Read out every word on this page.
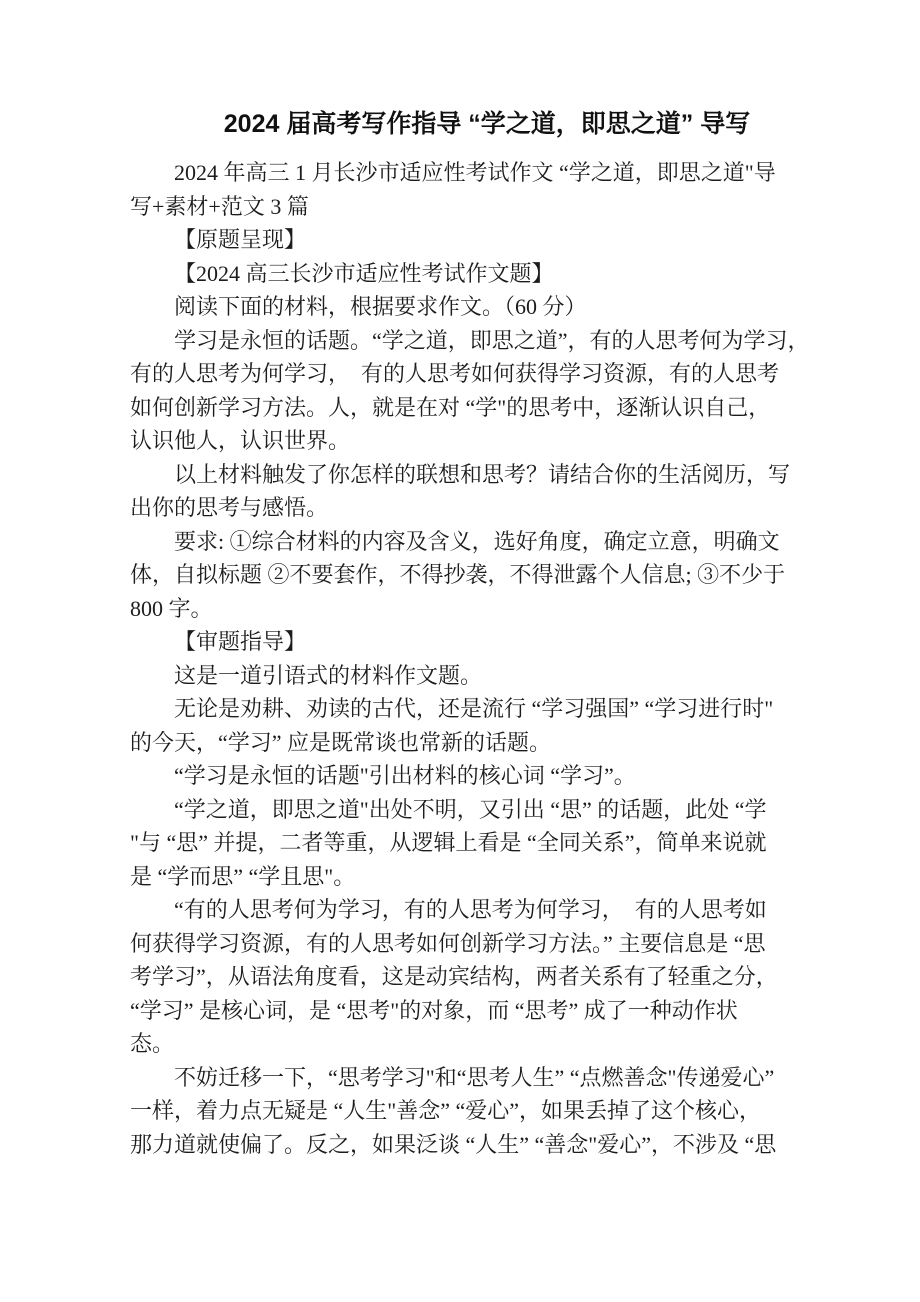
2024 届高考写作指导 “学之道，即思之道” 导写
2024 年高三 1 月长沙市适应性考试作文 “学之道，即思之道"导
写+素材+范文 3 篇
【原题呈现】
【2024 高三长沙市适应性考试作文题】
阅读下面的材料，根据要求作文。（60 分）
学习是永恒的话题。“学之道，即思之道”，有的人思考何为学习，
有的人思考为何学习，  有的人思考如何获得学习资源，有的人思考
如何创新学习方法。人，就是在对 “学"的思考中，逐渐认识自己，
认识他人，认识世界。
以上材料触发了你怎样的联想和思考？请结合你的生活阅历，写
出你的思考与感悟。
要求: ①综合材料的内容及含义，选好角度，确定立意，明确文
体，自拟标题 ②不要套作，不得抄袭，不得泄露个人信息; ③不少于
800 字。
【审题指导】
这是一道引语式的材料作文题。
无论是劝耕、劝读的古代，还是流行 “学习强国” “学习进行时"
的今天，“学习” 应是既常谈也常新的话题。
“学习是永恒的话题"引出材料的核心词 “学习”。
“学之道，即思之道"出处不明，又引出 “思” 的话题，此处 “学
"与 “思” 并提，二者等重，从逻辑上看是 “全同关系”，简单来说就
是 “学而思” “学且思"。
“有的人思考何为学习，有的人思考为何学习，  有的人思考如
何获得学习资源，有的人思考如何创新学习方法。” 主要信息是 “思
考学习”，从语法角度看，这是动宾结构，两者关系有了轻重之分，
“学习” 是核心词，是 “思考"的对象，而 “思考” 成了一种动作状
态。
不妨迁移一下，“思考学习"和“思考人生” “点燃善念"传递爱心”
一样，着力点无疑是 “人生"善念” “爱心”，如果丢掉了这个核心，
那力道就使偏了。反之，如果泛谈 “人生” “善念"爱心”，不涉及 “思
